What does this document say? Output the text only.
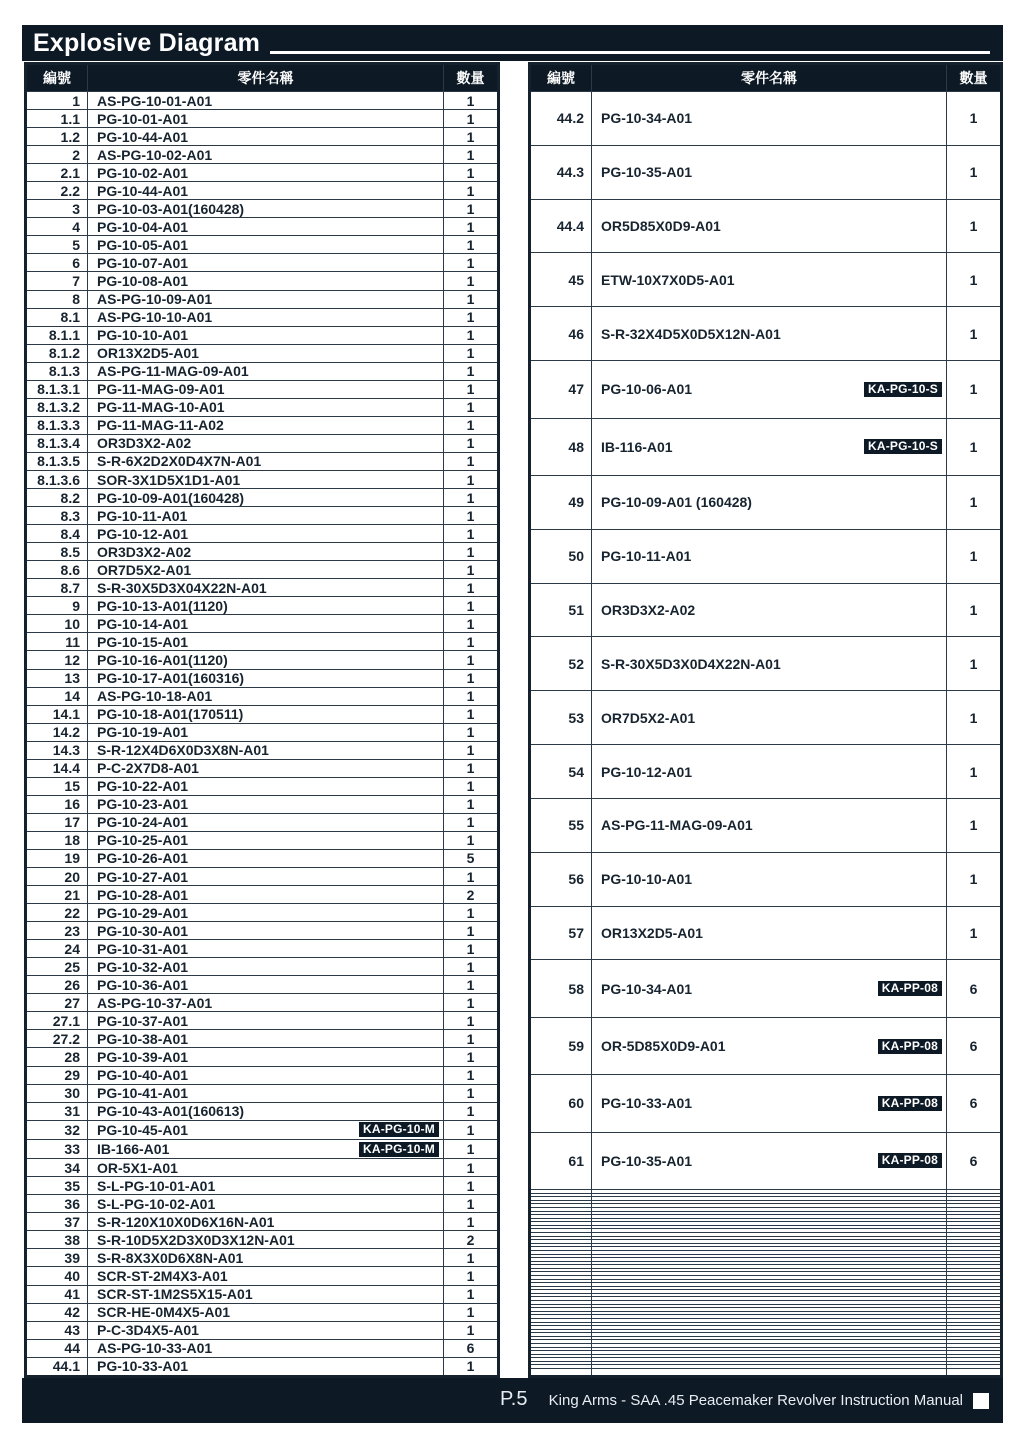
Explosive Diagram
編號	零件名稱	數量
1	AS-PG-10-01-A01	1
1.1	PG-10-01-A01	1
1.2	PG-10-44-A01	1
2	AS-PG-10-02-A01	1
2.1	PG-10-02-A01	1
2.2	PG-10-44-A01	1
3	PG-10-03-A01(160428)	1
4	PG-10-04-A01	1
5	PG-10-05-A01	1
6	PG-10-07-A01	1
7	PG-10-08-A01	1
8	AS-PG-10-09-A01	1
8.1	AS-PG-10-10-A01	1
8.1.1	PG-10-10-A01	1
8.1.2	OR13X2D5-A01	1
8.1.3	AS-PG-11-MAG-09-A01	1
8.1.3.1	PG-11-MAG-09-A01	1
8.1.3.2	PG-11-MAG-10-A01	1
8.1.3.3	PG-11-MAG-11-A02	1
8.1.3.4	OR3D3X2-A02	1
8.1.3.5	S-R-6X2D2X0D4X7N-A01	1
8.1.3.6	SOR-3X1D5X1D1-A01	1
8.2	PG-10-09-A01(160428)	1
8.3	PG-10-11-A01	1
8.4	PG-10-12-A01	1
8.5	OR3D3X2-A02	1
8.6	OR7D5X2-A01	1
8.7	S-R-30X5D3X04X22N-A01	1
9	PG-10-13-A01(1120)	1
10	PG-10-14-A01	1
11	PG-10-15-A01	1
12	PG-10-16-A01(1120)	1
13	PG-10-17-A01(160316)	1
14	AS-PG-10-18-A01	1
14.1	PG-10-18-A01(170511)	1
14.2	PG-10-19-A01	1
14.3	S-R-12X4D6X0D3X8N-A01	1
14.4	P-C-2X7D8-A01	1
15	PG-10-22-A01	1
16	PG-10-23-A01	1
17	PG-10-24-A01	1
18	PG-10-25-A01	1
19	PG-10-26-A01	5
20	PG-10-27-A01	1
21	PG-10-28-A01	2
22	PG-10-29-A01	1
23	PG-10-30-A01	1
24	PG-10-31-A01	1
25	PG-10-32-A01	1
26	PG-10-36-A01	1
27	AS-PG-10-37-A01	1
27.1	PG-10-37-A01	1
27.2	PG-10-38-A01	1
28	PG-10-39-A01	1
29	PG-10-40-A01	1
30	PG-10-41-A01	1
31	PG-10-43-A01(160613)	1
32	PG-10-45-A01 KA-PG-10-M	1
33	IB-166-A01 KA-PG-10-M	1
34	OR-5X1-A01	1
35	S-L-PG-10-01-A01	1
36	S-L-PG-10-02-A01	1
37	S-R-120X10X0D6X16N-A01	1
38	S-R-10D5X2D3X0D3X12N-A01	2
39	S-R-8X3X0D6X8N-A01	1
40	SCR-ST-2M4X3-A01	1
41	SCR-ST-1M2S5X15-A01	1
42	SCR-HE-0M4X5-A01	1
43	P-C-3D4X5-A01	1
44	AS-PG-10-33-A01	6
44.1	PG-10-33-A01	1
編號	零件名稱	數量
44.2	PG-10-34-A01	1
44.3	PG-10-35-A01	1
44.4	OR5D85X0D9-A01	1
45	ETW-10X7X0D5-A01	1
46	S-R-32X4D5X0D5X12N-A01	1
47	PG-10-06-A01 KA-PG-10-S	1
48	IB-116-A01 KA-PG-10-S	1
49	PG-10-09-A01 (160428)	1
50	PG-10-11-A01	1
51	OR3D3X2-A02	1
52	S-R-30X5D3X0D4X22N-A01	1
53	OR7D5X2-A01	1
54	PG-10-12-A01	1
55	AS-PG-11-MAG-09-A01	1
56	PG-10-10-A01	1
57	OR13X2D5-A01	1
58	PG-10-34-A01 KA-PP-08	6
59	OR-5D85X0D9-A01 KA-PP-08	6
60	PG-10-33-A01 KA-PP-08	6
61	PG-10-35-A01 KA-PP-08	6

P.5 King Arms - SAA .45 Peacemaker Revolver Instruction Manual
